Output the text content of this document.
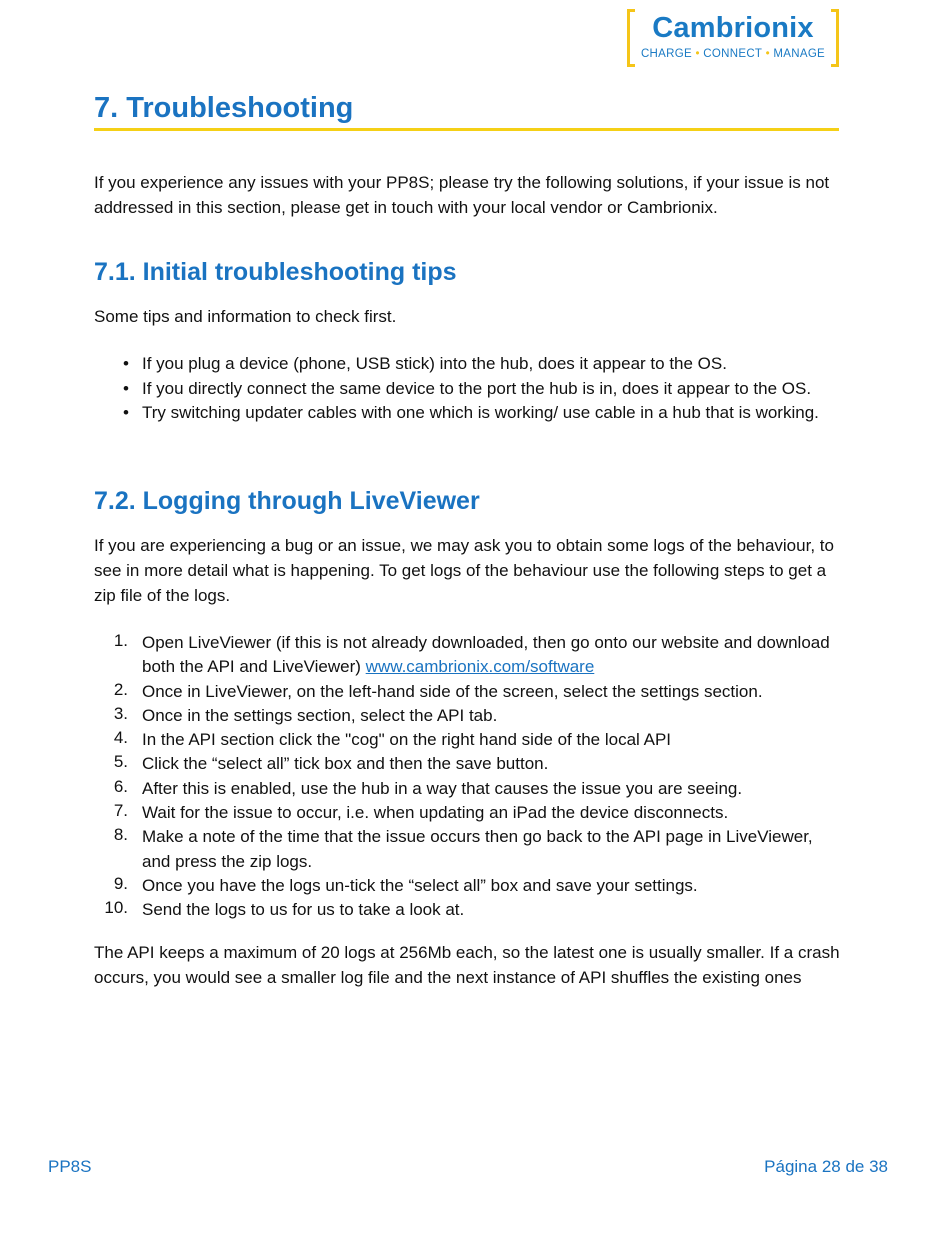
Cambrionix
CHARGE • CONNECT • MANAGE
7. Troubleshooting
If you experience any issues with your PP8S; please try the following solutions, if your issue is not addressed in this section, please get in touch with your local vendor or Cambrionix.
7.1. Initial troubleshooting tips
Some tips and information to check first.
• If you plug a device (phone, USB stick) into the hub, does it appear to the OS.
• If you directly connect the same device to the port the hub is in, does it appear to the OS.
• Try switching updater cables with one which is working/ use cable in a hub that is working.
7.2. Logging through LiveViewer
If you are experiencing a bug or an issue, we may ask you to obtain some logs of the behaviour, to see in more detail what is happening. To get logs of the behaviour use the following steps to get a zip file of the logs.
1. Open LiveViewer (if this is not already downloaded, then go onto our website and download both the API and LiveViewer) www.cambrionix.com/software
2. Once in LiveViewer, on the left-hand side of the screen, select the settings section.
3. Once in the settings section, select the API tab.
4. In the API section click the "cog" on the right hand side of the local API
5. Click the “select all” tick box and then the save button.
6. After this is enabled, use the hub in a way that causes the issue you are seeing.
7. Wait for the issue to occur, i.e. when updating an iPad the device disconnects.
8. Make a note of the time that the issue occurs then go back to the API page in LiveViewer, and press the zip logs.
9. Once you have the logs un-tick the “select all” box and save your settings.
10. Send the logs to us for us to take a look at.
The API keeps a maximum of 20 logs at 256Mb each, so the latest one is usually smaller. If a crash occurs, you would see a smaller log file and the next instance of API shuffles the existing ones
PP8S	Página 28 de 38
